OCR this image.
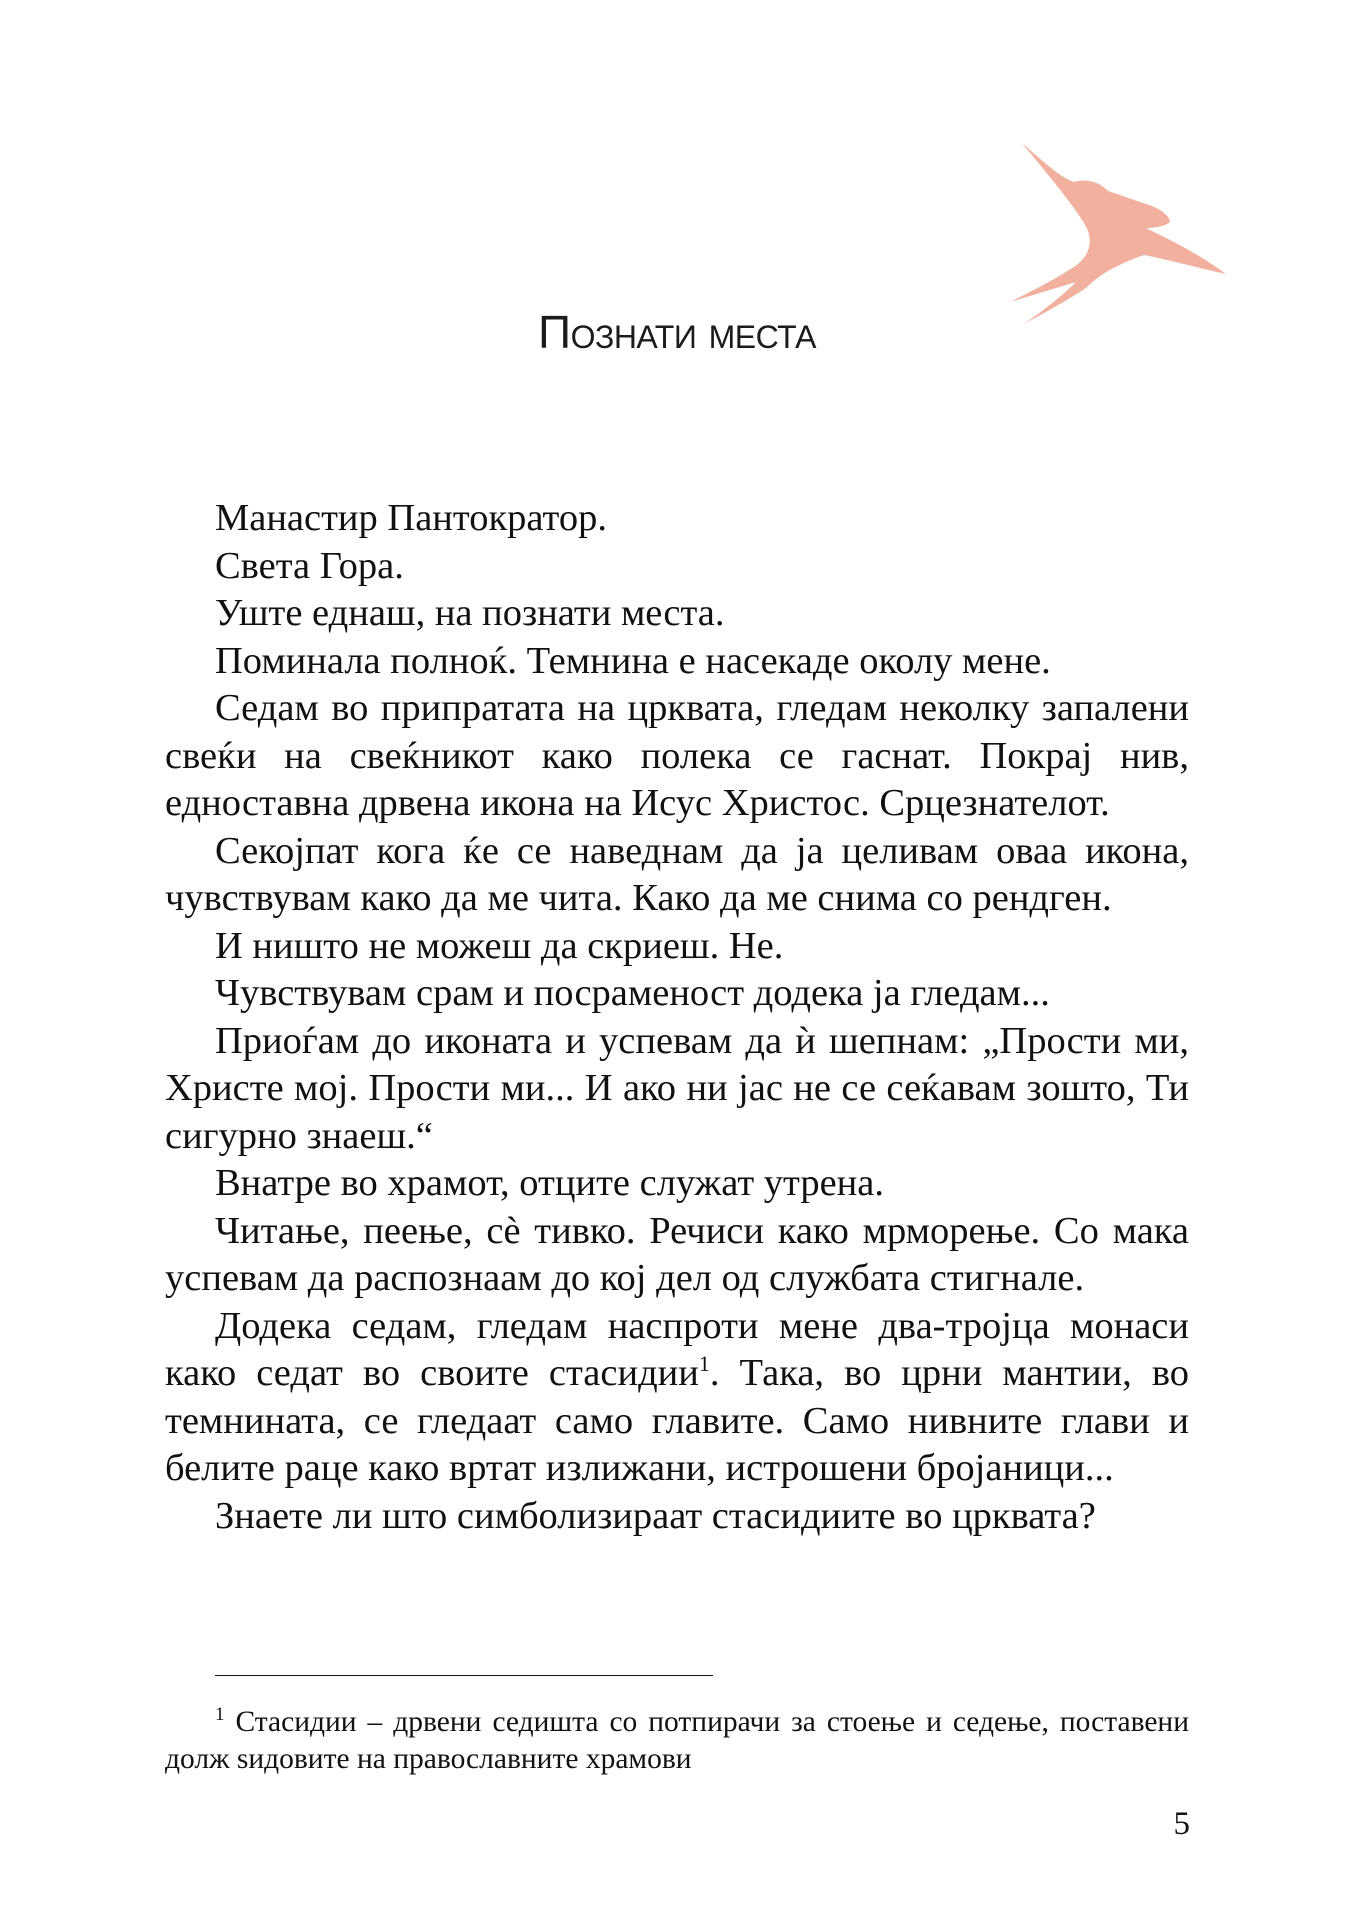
Познати места

Манастир Пантократор.

Света Гора.

Уште еднаш, на познати места.

Поминала полноќ. Темнина е насекаде околу мене.

Седам во припратата на црквата, гледам неколку запалени свеќи на свеќникот како полека се гаснат. Покрај нив, едноставна дрвена икона на Исус Христос. Срцезнателот.

Секојпат кога ќе се наведнам да ја целивам оваа икона, чувствувам како да ме чита. Како да ме снима со рендген.

И ништо не можеш да скриеш. Не.

Чувствувам срам и посраменост додека ја гледам...

Приоѓам до иконата и успевам да ѝ шепнам: „Прости ми, Христе мој. Прости ми... И ако ни јас не се сеќавам зошто, Ти сигурно знаеш.“

Внатре во храмот, отците служат утрена.

Читање, пеење, сè тивко. Речиси како мрморење. Со мака успевам да распознаам до кој дел од службата стигнале.

Додека седам, гледам наспроти мене два-тројца монаси како седат во своите стасидии$^1$. Така, во црни мантии, во темнината, се гледаат само главите. Само нивните глави и белите раце како вртат излижани, истрошени бројаници...

Знаете ли што симболизираат стасидиите во црквата?

$^1$ Стасидии – дрвени седишта со потпирачи за стоење и седење, поставени долж ѕидовите на православните храмови

5
